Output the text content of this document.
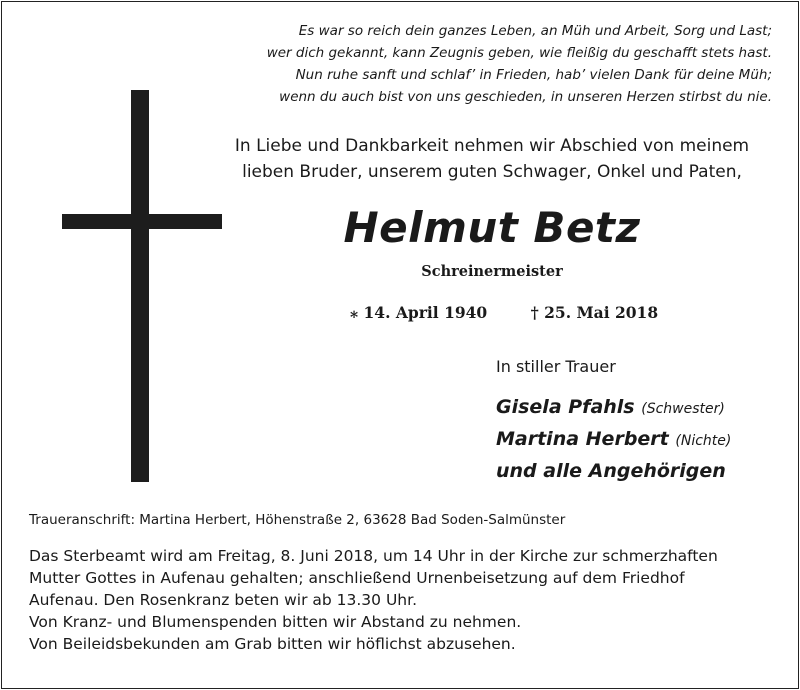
Es war so reich dein ganzes Leben, an Müh und Arbeit, Sorg und Last;
wer dich gekannt, kann Zeugnis geben, wie fleißig du geschafft stets hast.
Nun ruhe sanft und schlaf’ in Frieden, hab’ vielen Dank für deine Müh;
wenn du auch bist von uns geschieden, in unseren Herzen stirbst du nie.
In Liebe und Dankbarkeit nehmen wir Abschied von meinem
lieben Bruder, unserem guten Schwager, Onkel und Paten,
Helmut Betz
Schreinermeister
⁎ 14. April 1940	† 25. Mai 2018
In stiller Trauer
Gisela Pfahls (Schwester)
Martina Herbert (Nichte)
und alle Angehörigen
Traueranschrift: Martina Herbert, Höhenstraße 2, 63628 Bad Soden-Salmünster
Das Sterbeamt wird am Freitag, 8. Juni 2018, um 14 Uhr in der Kirche zur schmerzhaften
Mutter Gottes in Aufenau gehalten; anschließend Urnenbeisetzung auf dem Friedhof
Aufenau. Den Rosenkranz beten wir ab 13.30 Uhr.
Von Kranz- und Blumenspenden bitten wir Abstand zu nehmen.
Von Beileidsbekunden am Grab bitten wir höflichst abzusehen.
